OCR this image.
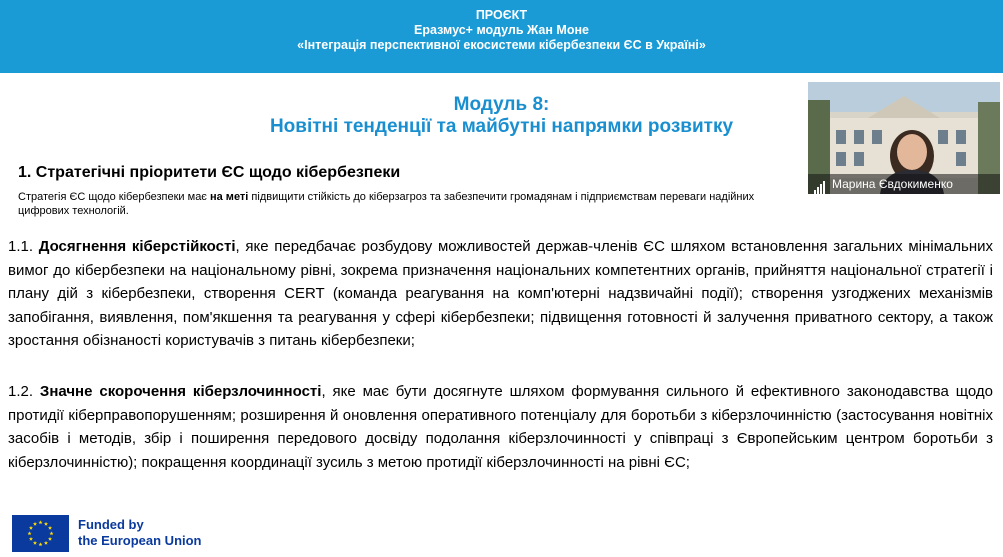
ПРОЄКТ
Еразмус+ модуль Жан Моне
«Інтеграція перспективної екосистеми кібербезпеки ЄС в Україні»
Модуль 8:
Новітні тенденції та майбутні напрямки розвитку
Марина Євдокименко
1. Стратегічні пріоритети ЄС щодо кібербезпеки
Стратегія ЄС щодо кібербезпеки має на меті підвищити стійкість до кіберзагроз та забезпечити громадянам і підприємствам переваги надійних цифрових технологій.
1.1. Досягнення кіберстійкості, яке передбачає розбудову можливостей держав-членів ЄС шляхом встановлення загальних мінімальних вимог до кібербезпеки на національному рівні, зокрема призначення національних компетентних органів, прийняття національної стратегії і плану дій з кібербезпеки, створення CERT (команда реагування на комп'ютерні надзвичайні події); створення узгоджених механізмів запобігання, виявлення, пом'якшення та реагування у сфері кібербезпеки; підвищення готовності й залучення приватного сектору, а також зростання обізнаності користувачів з питань кібербезпеки;
1.2. Значне скорочення кіберзлочинності, яке має бути досягнуте шляхом формування сильного й ефективного законодавства щодо протидії кіберправопорушенням; розширення й оновлення оперативного потенціалу для боротьби з кіберзлочинністю (застосування новітніх засобів і методів, збір і поширення передового досвіду подолання кіберзлочинності у співпраці з Європейським центром боротьби з кіберзлочинністю); покращення координації зусиль з метою протидії кіберзлочинності на рівні ЄС;
Funded by
the European Union
